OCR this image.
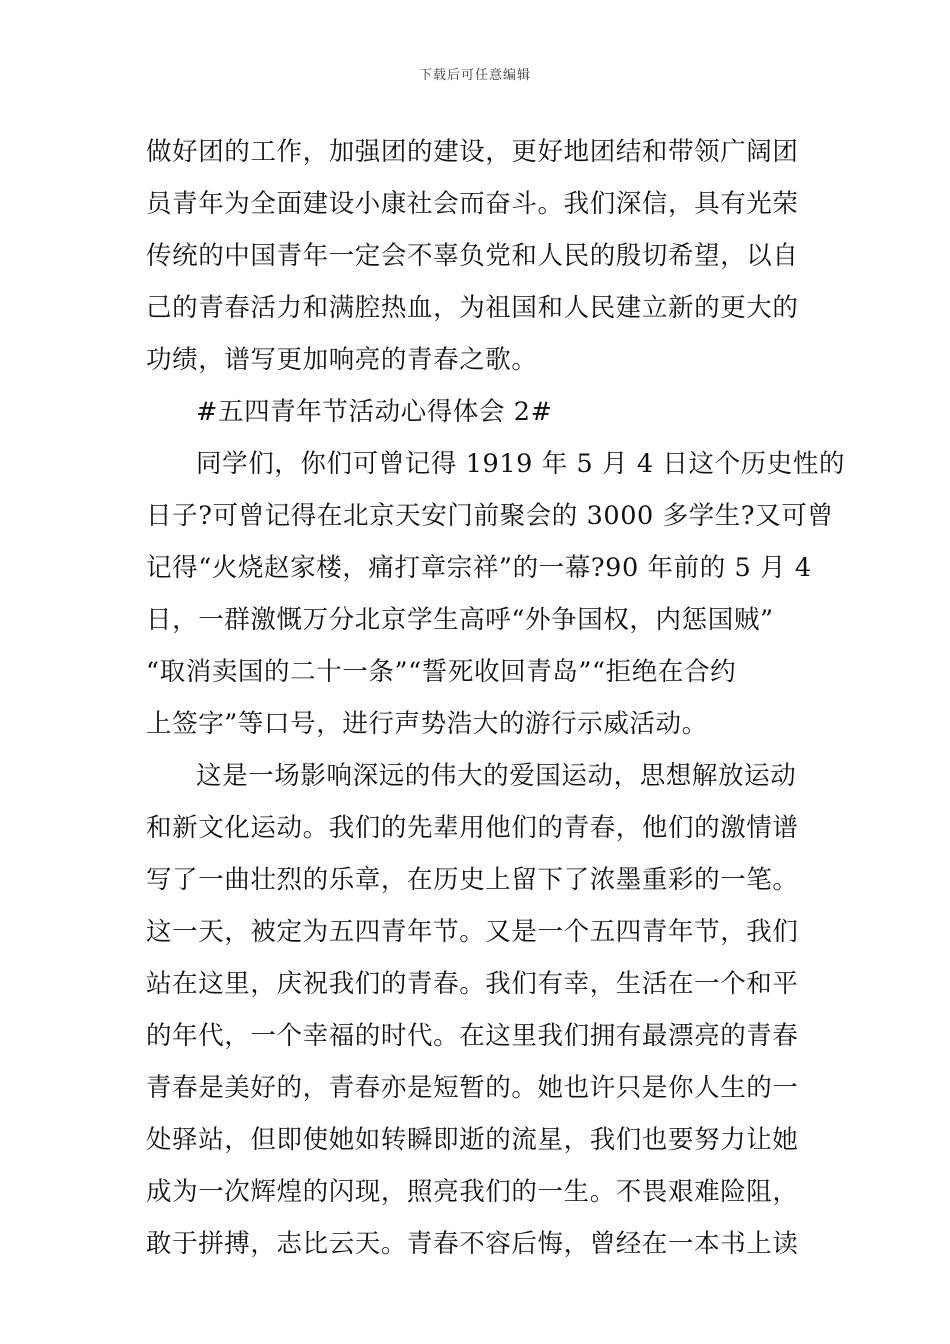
下载后可任意编辑
做好团的工作，加强团的建设，更好地团结和带领广阔团
员青年为全面建设小康社会而奋斗。我们深信，具有光荣
传统的中国青年一定会不辜负党和人民的殷切希望，以自
己的青春活力和满腔热血，为祖国和人民建立新的更大的
功绩，谱写更加响亮的青春之歌。
#五四青年节活动心得体会 2#
同学们，你们可曾记得 1919 年 5 月 4 日这个历史性的
日子?可曾记得在北京天安门前聚会的 3000 多学生?又可曾
记得“火烧赵家楼，痛打章宗祥”的一幕?90 年前的 5 月 4
日，一群激慨万分北京学生高呼“外争国权，内惩国贼”
“取消卖国的二十一条”“誓死收回青岛”“拒绝在合约
上签字”等口号，进行声势浩大的游行示威活动。
这是一场影响深远的伟大的爱国运动，思想解放运动
和新文化运动。我们的先辈用他们的青春，他们的激情谱
写了一曲壮烈的乐章，在历史上留下了浓墨重彩的一笔。
这一天，被定为五四青年节。又是一个五四青年节，我们
站在这里，庆祝我们的青春。我们有幸，生活在一个和平
的年代，一个幸福的时代。在这里我们拥有最漂亮的青春
青春是美好的，青春亦是短暂的。她也许只是你人生的一
处驿站，但即使她如转瞬即逝的流星，我们也要努力让她
成为一次辉煌的闪现，照亮我们的一生。不畏艰难险阻，
敢于拼搏，志比云天。青春不容后悔，曾经在一本书上读
